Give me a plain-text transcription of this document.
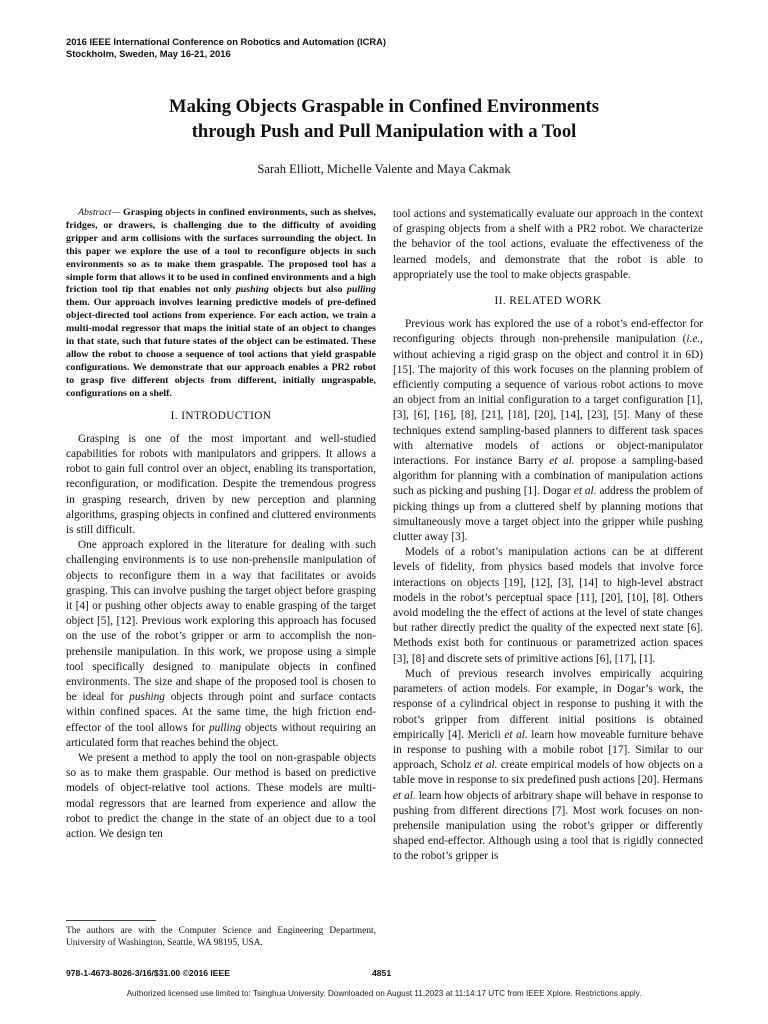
2016 IEEE International Conference on Robotics and Automation (ICRA)
Stockholm, Sweden, May 16-21, 2016
Making Objects Graspable in Confined Environments
through Push and Pull Manipulation with a Tool
Sarah Elliott, Michelle Valente and Maya Cakmak

Abstract— Grasping objects in confined environments, such as shelves, fridges, or drawers, is challenging due to the difficulty of avoiding gripper and arm collisions with the surfaces surrounding the object. In this paper we explore the use of a tool to reconfigure objects in such environments so as to make them graspable. The proposed tool has a simple form that allows it to be used in confined environments and a high friction tool tip that enables not only pushing objects but also pulling them. Our approach involves learning predictive models of pre-defined object-directed tool actions from experience. For each action, we train a multi-modal regressor that maps the initial state of an object to changes in that state, such that future states of the object can be estimated. These allow the robot to choose a sequence of tool actions that yield graspable configurations. We demonstrate that our approach enables a PR2 robot to grasp five different objects from different, initially ungraspable, configurations on a shelf.

I. INTRODUCTION

Grasping is one of the most important and well-studied capabilities for robots with manipulators and grippers. It allows a robot to gain full control over an object, enabling its transportation, reconfiguration, or modification. Despite the tremendous progress in grasping research, driven by new perception and planning algorithms, grasping objects in confined and cluttered environments is still difficult.

One approach explored in the literature for dealing with such challenging environments is to use non-prehensile manipulation of objects to reconfigure them in a way that facilitates or avoids grasping. This can involve pushing the target object before grasping it [4] or pushing other objects away to enable grasping of the target object [5], [12]. Previous work exploring this approach has focused on the use of the robot’s gripper or arm to accomplish the non-prehensile manipulation. In this work, we propose using a simple tool specifically designed to manipulate objects in confined environments. The size and shape of the proposed tool is chosen to be ideal for pushing objects through point and surface contacts within confined spaces. At the same time, the high friction end-effector of the tool allows for pulling objects without requiring an articulated form that reaches behind the object.

We present a method to apply the tool on non-graspable objects so as to make them graspable. Our method is based on predictive models of object-relative tool actions. These models are multi-modal regressors that are learned from experience and allow the robot to predict the change in the state of an object due to a tool action. We design ten

tool actions and systematically evaluate our approach in the context of grasping objects from a shelf with a PR2 robot. We characterize the behavior of the tool actions, evaluate the effectiveness of the learned models, and demonstrate that the robot is able to appropriately use the tool to make objects graspable.

II. RELATED WORK

Previous work has explored the use of a robot’s end-effector for reconfiguring objects through non-prehensile manipulation (i.e., without achieving a rigid grasp on the object and control it in 6D) [15]. The majority of this work focuses on the planning problem of efficiently computing a sequence of various robot actions to move an object from an initial configuration to a target configuration [1], [3], [6], [16], [8], [21], [18], [20], [14], [23], [5]. Many of these techniques extend sampling-based planners to different task spaces with alternative models of actions or object-manipulator interactions. For instance Barry et al. propose a sampling-based algorithm for planning with a combination of manipulation actions such as picking and pushing [1]. Dogar et al. address the problem of picking things up from a cluttered shelf by planning motions that simultaneously move a target object into the gripper while pushing clutter away [3].

Models of a robot’s manipulation actions can be at different levels of fidelity, from physics based models that involve force interactions on objects [19], [12], [3], [14] to high-level abstract models in the robot’s perceptual space [11], [20], [10], [8]. Others avoid modeling the the effect of actions at the level of state changes but rather directly predict the quality of the expected next state [6]. Methods exist both for continuous or parametrized action spaces [3], [8] and discrete sets of primitive actions [6], [17], [1].

Much of previous research involves empirically acquiring parameters of action models. For example, in Dogar’s work, the response of a cylindrical object in response to pushing it with the robot’s gripper from different initial positions is obtained empirically [4]. Mericli et al. learn how moveable furniture behave in response to pushing with a mobile robot [17]. Similar to our approach, Scholz et al. create empirical models of how objects on a table move in response to six predefined push actions [20]. Hermans et al. learn how objects of arbitrary shape will behave in response to pushing from different directions [7]. Most work focuses on non-prehensile manipulation using the robot’s gripper or differently shaped end-effector. Although using a tool that is rigidly connected to the robot’s gripper is

The authors are with the Computer Science and Engineering Department, University of Washington, Seattle, WA 98195, USA.
978-1-4673-8026-3/16/$31.00 ©2016 IEEE	4851
Authorized licensed use limited to: Tsinghua University. Downloaded on August 11,2023 at 11:14:17 UTC from IEEE Xplore. Restrictions apply.
